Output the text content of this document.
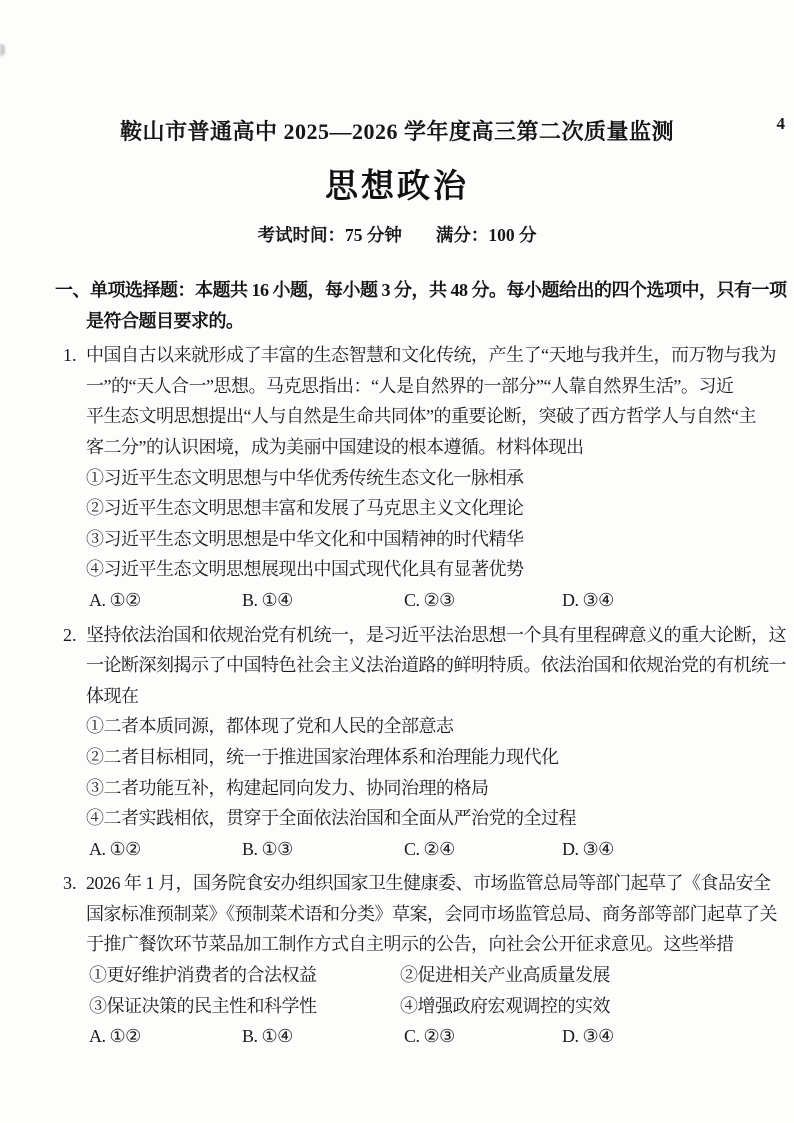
4
鞍山市普通高中 2025—2026 学年度高三第二次质量监测
思想政治
考试时间：75 分钟 满分：100 分
一、单项选择题：本题共 16 小题，每小题 3 分，共 48 分。每小题给出的四个选项中，只有一项
是符合题目要求的。
1. 中国自古以来就形成了丰富的生态智慧和文化传统，产生了“天地与我并生，而万物与我为
一”的“天人合一”思想。马克思指出：“人是自然界的一部分”“人靠自然界生活”。习近
平生态文明思想提出“人与自然是生命共同体”的重要论断，突破了西方哲学人与自然“主
客二分”的认识困境，成为美丽中国建设的根本遵循。材料体现出
①习近平生态文明思想与中华优秀传统生态文化一脉相承
②习近平生态文明思想丰富和发展了马克思主义文化理论
③习近平生态文明思想是中华文化和中国精神的时代精华
④习近平生态文明思想展现出中国式现代化具有显著优势
A. ①②	B. ①④	C. ②③	D. ③④
2. 坚持依法治国和依规治党有机统一，是习近平法治思想一个具有里程碑意义的重大论断，这
一论断深刻揭示了中国特色社会主义法治道路的鲜明特质。依法治国和依规治党的有机统一
体现在
①二者本质同源，都体现了党和人民的全部意志
②二者目标相同，统一于推进国家治理体系和治理能力现代化
③二者功能互补，构建起同向发力、协同治理的格局
④二者实践相依，贯穿于全面依法治国和全面从严治党的全过程
A. ①②	B. ①③	C. ②④	D. ③④
3. 2026 年 1 月，国务院食安办组织国家卫生健康委、市场监管总局等部门起草了《食品安全
国家标准预制菜》《预制菜术语和分类》草案，会同市场监管总局、商务部等部门起草了关
于推广餐饮环节菜品加工制作方式自主明示的公告，向社会公开征求意见。这些举措
①更好维护消费者的合法权益	②促进相关产业高质量发展
③保证决策的民主性和科学性	④增强政府宏观调控的实效
A. ①②	B. ①④	C. ②③	D. ③④
